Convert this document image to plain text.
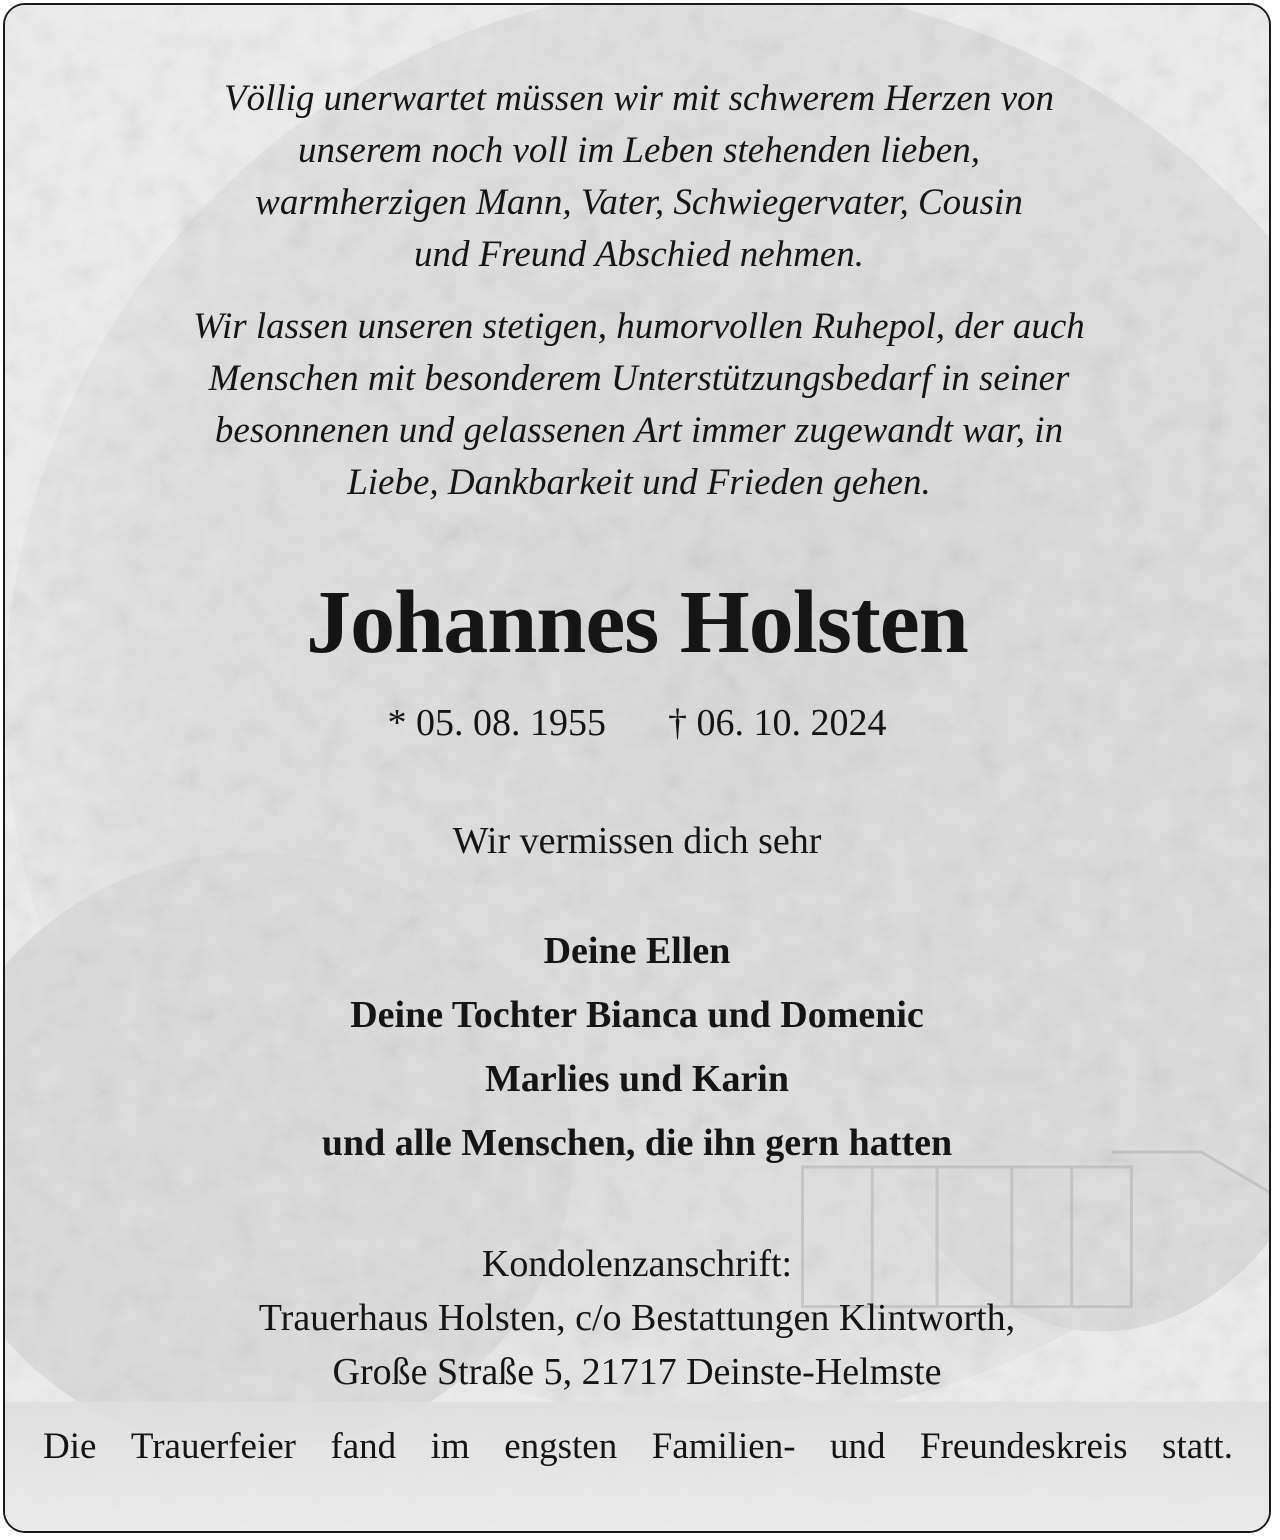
Völlig unerwartet müssen wir mit schwerem Herzen von
unserem noch voll im Leben stehenden lieben,
warmherzigen Mann, Vater, Schwiegervater, Cousin
und Freund Abschied nehmen.

Wir lassen unseren stetigen, humorvollen Ruhepol, der auch
Menschen mit besonderem Unterstützungsbedarf in seiner
besonnenen und gelassenen Art immer zugewandt war, in
Liebe, Dankbarkeit und Frieden gehen.

Johannes Holsten
* 05. 08. 1955 † 06. 10. 2024
Wir vermissen dich sehr
Deine Ellen
Deine Tochter Bianca und Domenic
Marlies und Karin
und alle Menschen, die ihn gern hatten
Kondolenzanschrift:
Trauerhaus Holsten, c/o Bestattungen Klintworth,
Große Straße 5, 21717 Deinste-Helmste
Die Trauerfeier fand im engsten Familien- und Freundeskreis statt.
